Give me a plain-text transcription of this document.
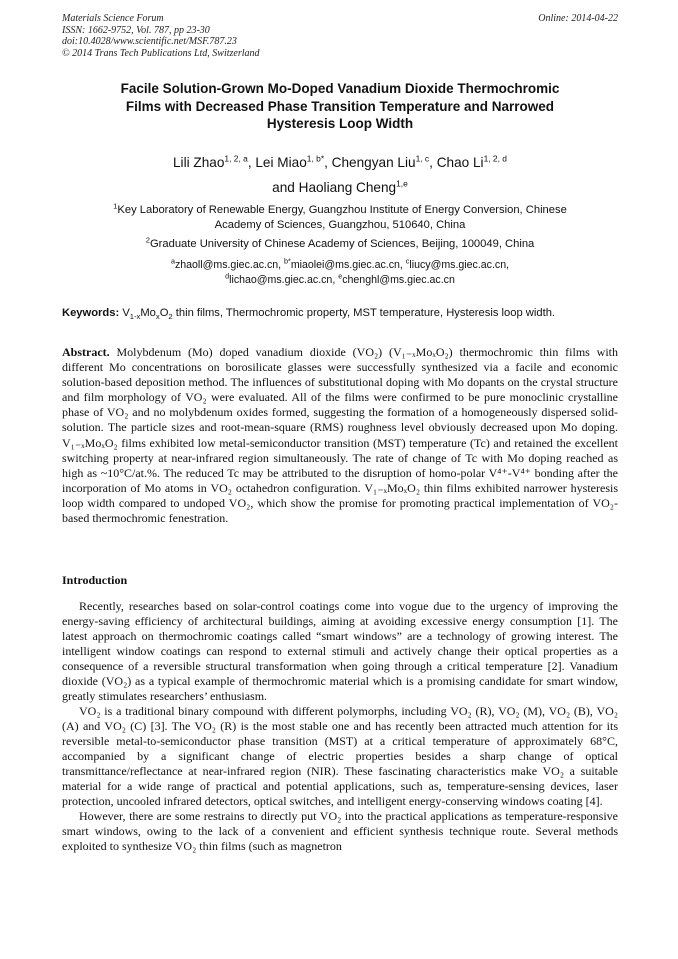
Materials Science Forum

ISSN: 1662-9752, Vol. 787, pp 23-30

doi:10.4028/www.scientific.net/MSF.787.23

© 2014 Trans Tech Publications Ltd, Switzerland

Online: 2014-04-22

Facile Solution-Grown Mo-Doped Vanadium Dioxide Thermochromic

Films with Decreased Phase Transition Temperature and Narrowed

Hysteresis Loop Width

Lili Zhao$^{1, 2, a}$, Lei Miao$^{1, b*}$, Chengyan Liu$^{1, c}$, Chao Li$^{1, 2, d}$

and Haoliang Cheng$^{1,e}$

$^1$Key Laboratory of Renewable Energy, Guangzhou Institute of Energy Conversion, Chinese

Academy of Sciences, Guangzhou, 510640, China

$^2$Graduate University of Chinese Academy of Sciences, Beijing, 100049, China

$^a$zhaoll@ms.giec.ac.cn, $^{b*}$miaolei@ms.giec.ac.cn, $^c$liucy@ms.giec.ac.cn,

$^d$lichao@ms.giec.ac.cn, $^e$chenghl@ms.giec.ac.cn

Keywords: $V_{1-x}Mo_xO_2$ thin films, Thermochromic property, MST temperature, Hysteresis loop width.
Abstract. Molybdenum (Mo) doped vanadium dioxide (VO₂) (V₁₋ₓMoₓO₂) thermochromic thin films with different Mo concentrations on borosilicate glasses were successfully synthesized via a facile and economic solution-based deposition method. The influences of substitutional doping with Mo dopants on the crystal structure and film morphology of VO₂ were evaluated. All of the films were confirmed to be pure monoclinic crystalline phase of VO₂ and no molybdenum oxides formed, suggesting the formation of a homogeneously dispersed solid-solution. The particle sizes and root-mean-square (RMS) roughness level obviously decreased upon Mo doping. V₁₋ₓMoₓO₂ films exhibited low metal-semiconductor transition (MST) temperature (Tc) and retained the excellent switching property at near-infrared region simultaneously. The rate of change of Tc with Mo doping reached as high as ~10°C/at.%. The reduced Tc may be attributed to the disruption of homo-polar V⁴⁺-V⁴⁺ bonding after the incorporation of Mo atoms in VO₂ octahedron configuration. V₁₋ₓMoₓO₂ thin films exhibited narrower hysteresis loop width compared to undoped VO₂, which show the promise for promoting practical implementation of VO₂-based thermochromic fenestration.
Introduction

Recently, researches based on solar-control coatings come into vogue due to the urgency of improving the energy-saving efficiency of architectural buildings, aiming at avoiding excessive energy consumption [1]. The latest approach on thermochromic coatings called “smart windows” are a technology of growing interest. The intelligent window coatings can respond to external stimuli and actively change their optical properties as a consequence of a reversible structural transformation when going through a critical temperature [2]. Vanadium dioxide (VO₂) as a typical example of thermochromic material which is a promising candidate for smart window, greatly stimulates researchers’ enthusiasm.

VO₂ is a traditional binary compound with different polymorphs, including VO₂ (R), VO₂ (M), VO₂ (B), VO₂ (A) and VO₂ (C) [3]. The VO₂ (R) is the most stable one and has recently been attracted much attention for its reversible metal-to-semiconductor phase transition (MST) at a critical temperature of approximately 68°C, accompanied by a significant change of electric properties besides a sharp change of optical transmittance/reflectance at near-infrared region (NIR). These fascinating characteristics make VO₂ a suitable material for a wide range of practical and potential applications, such as, temperature-sensing devices, laser protection, uncooled infrared detectors, optical switches, and intelligent energy-conserving windows coating [4].

However, there are some restrains to directly put VO₂ into the practical applications as temperature-responsive smart windows, owing to the lack of a convenient and efficient synthesis technique route. Several methods exploited to synthesize VO₂ thin films (such as magnetron
